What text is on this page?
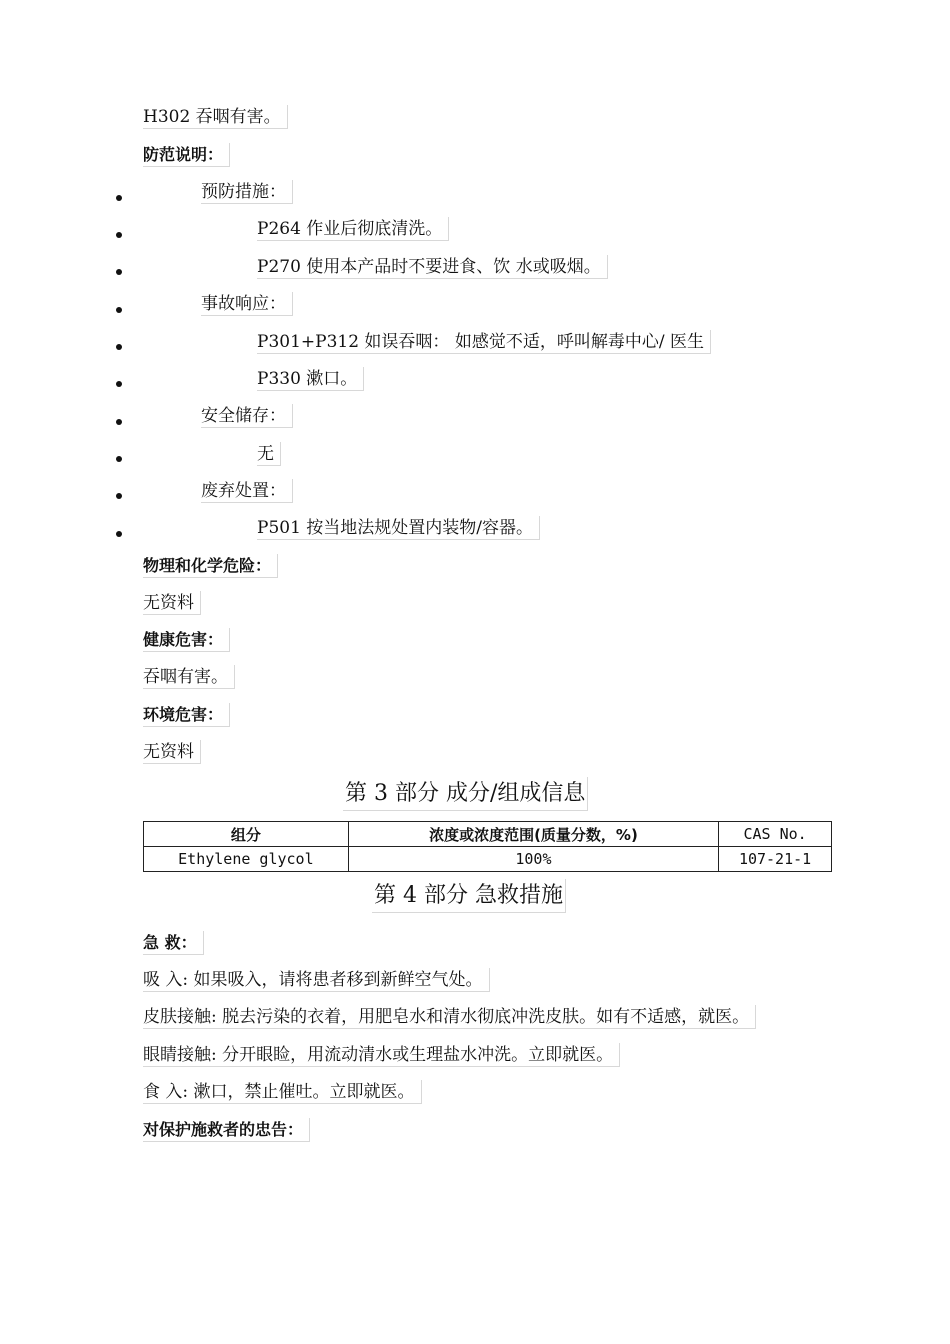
H302 吞咽有害。
防范说明：
预防措施：
P264 作业后彻底清洗。
P270 使用本产品时不要进食、饮 水或吸烟。
事故响应：
P301+P312 如误吞咽： 如感觉不适，呼叫解毒中心/ 医生
P330 漱口。
安全储存：
无
废弃处置：
P501 按当地法规处置内装物/容器。
物理和化学危险：
无资料
健康危害：
吞咽有害。
环境危害：
无资料
第 3 部分 成分/组成信息
组分	浓度或浓度范围(质量分数，%)	CAS No.
Ethylene glycol	100%	107-21-1
第 4 部分 急救措施
急 救：
吸 入: 如果吸入，请将患者移到新鲜空气处。
皮肤接触: 脱去污染的衣着，用肥皂水和清水彻底冲洗皮肤。如有不适感，就医。
眼睛接触: 分开眼睑，用流动清水或生理盐水冲洗。立即就医。
食 入: 漱口，禁止催吐。立即就医。
对保护施救者的忠告：
